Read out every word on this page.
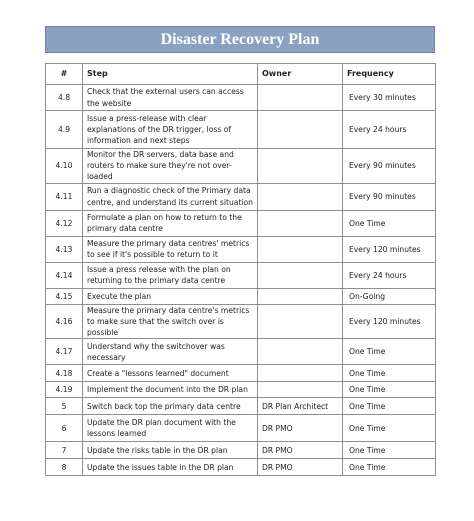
Disaster Recovery Plan
#	Step	Owner	Frequency
4.8	Check that the external users can access the website		Every 30 minutes
4.9	Issue a press-release with clear explanations of the DR trigger, loss of information and next steps		Every 24 hours
4.10	Monitor the DR servers, data base and routers to make sure they're not over-loaded		Every 90 minutes
4.11	Run a diagnostic check of the Primary data centre, and understand its current situation		Every 90 minutes
4.12	Formulate a plan on how to return to the primary data centre		One Time
4.13	Measure the primary data centres' metrics to see if it's possible to return to it		Every 120 minutes
4.14	Issue a press release with the plan on returning to the primary data centre		Every 24 hours
4.15	Execute the plan		On-Going
4.16	Measure the primary data centre's metrics to make sure that the switch over is possible		Every 120 minutes
4.17	Understand why the switchover was necessary		One Time
4.18	Create a "lessons learned" document		One Time
4.19	Implement the document into the DR plan		One Time
5	Switch back top the primary data centre	DR Plan Architect	One Time
6	Update the DR plan document with the lessons learned	DR PMO	One Time
7	Update the risks table in the DR plan	DR PMO	One Time
8	Update the issues table in the DR plan	DR PMO	One Time
